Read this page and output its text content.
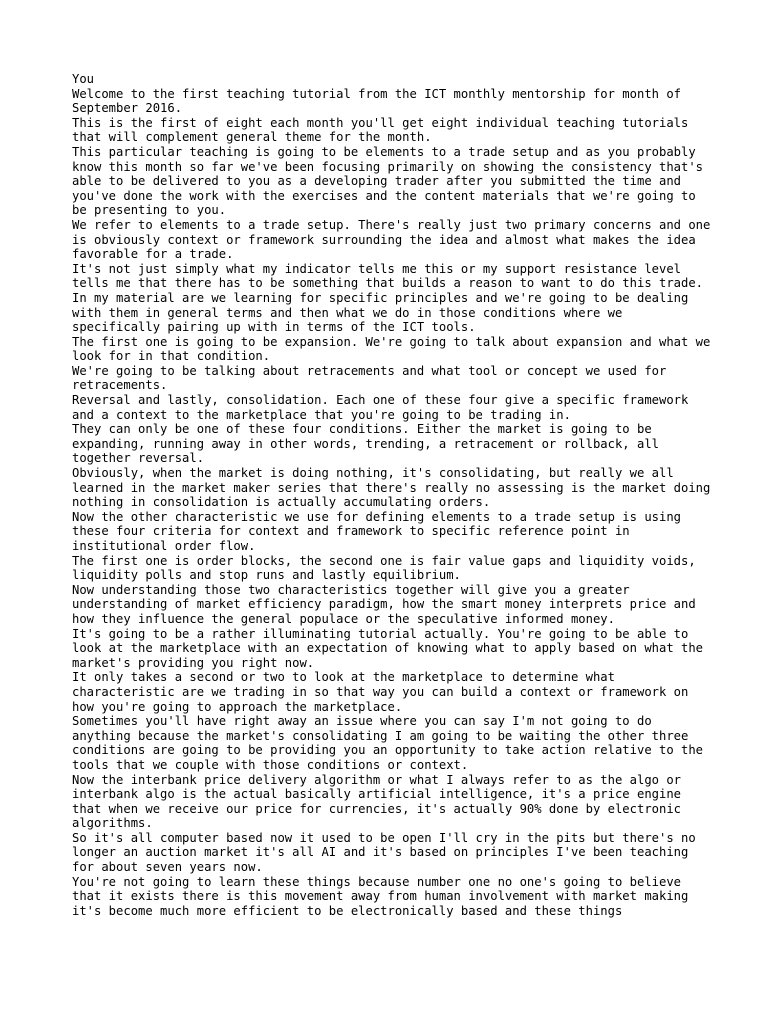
You

Welcome to the first teaching tutorial from the ICT monthly mentorship for month of September 2016.

This is the first of eight each month you'll get eight individual teaching tutorials that will complement general theme for the month.

This particular teaching is going to be elements to a trade setup and as you probably know this month so far we've been focusing primarily on showing the consistency that's able to be delivered to you as a developing trader after you submitted the time and you've done the work with the exercises and the content materials that we're going to be presenting to you.

We refer to elements to a trade setup. There's really just two primary concerns and one is obviously context or framework surrounding the idea and almost what makes the idea favorable for a trade.

It's not just simply what my indicator tells me this or my support resistance level tells me that there has to be something that builds a reason to want to do this trade.

In my material are we learning for specific principles and we're going to be dealing with them in general terms and then what we do in those conditions where we specifically pairing up with in terms of the ICT tools.

The first one is going to be expansion. We're going to talk about expansion and what we look for in that condition.

We're going to be talking about retracements and what tool or concept we used for retracements.

Reversal and lastly, consolidation. Each one of these four give a specific framework and a context to the marketplace that you're going to be trading in.

They can only be one of these four conditions. Either the market is going to be expanding, running away in other words, trending, a retracement or rollback, all together reversal.

Obviously, when the market is doing nothing, it's consolidating, but really we all learned in the market maker series that there's really no assessing is the market doing nothing in consolidation is actually accumulating orders.

Now the other characteristic we use for defining elements to a trade setup is using these four criteria for context and framework to specific reference point in institutional order flow.

The first one is order blocks, the second one is fair value gaps and liquidity voids, liquidity polls and stop runs and lastly equilibrium.

Now understanding those two characteristics together will give you a greater understanding of market efficiency paradigm, how the smart money interprets price and how they influence the general populace or the speculative informed money.

It's going to be a rather illuminating tutorial actually. You're going to be able to look at the marketplace with an expectation of knowing what to apply based on what the market's providing you right now.

It only takes a second or two to look at the marketplace to determine what characteristic are we trading in so that way you can build a context or framework on how you're going to approach the marketplace.

Sometimes you'll have right away an issue where you can say I'm not going to do anything because the market's consolidating I am going to be waiting the other three conditions are going to be providing you an opportunity to take action relative to the tools that we couple with those conditions or context.

Now the interbank price delivery algorithm or what I always refer to as the algo or interbank algo is the actual basically artificial intelligence, it's a price engine that when we receive our price for currencies, it's actually 90% done by electronic algorithms.

So it's all computer based now it used to be open I'll cry in the pits but there's no longer an auction market it's all AI and it's based on principles I've been teaching for about seven years now.

You're not going to learn these things because number one no one's going to believe that it exists there is this movement away from human involvement with market making it's become much more efficient to be electronically based and these things
